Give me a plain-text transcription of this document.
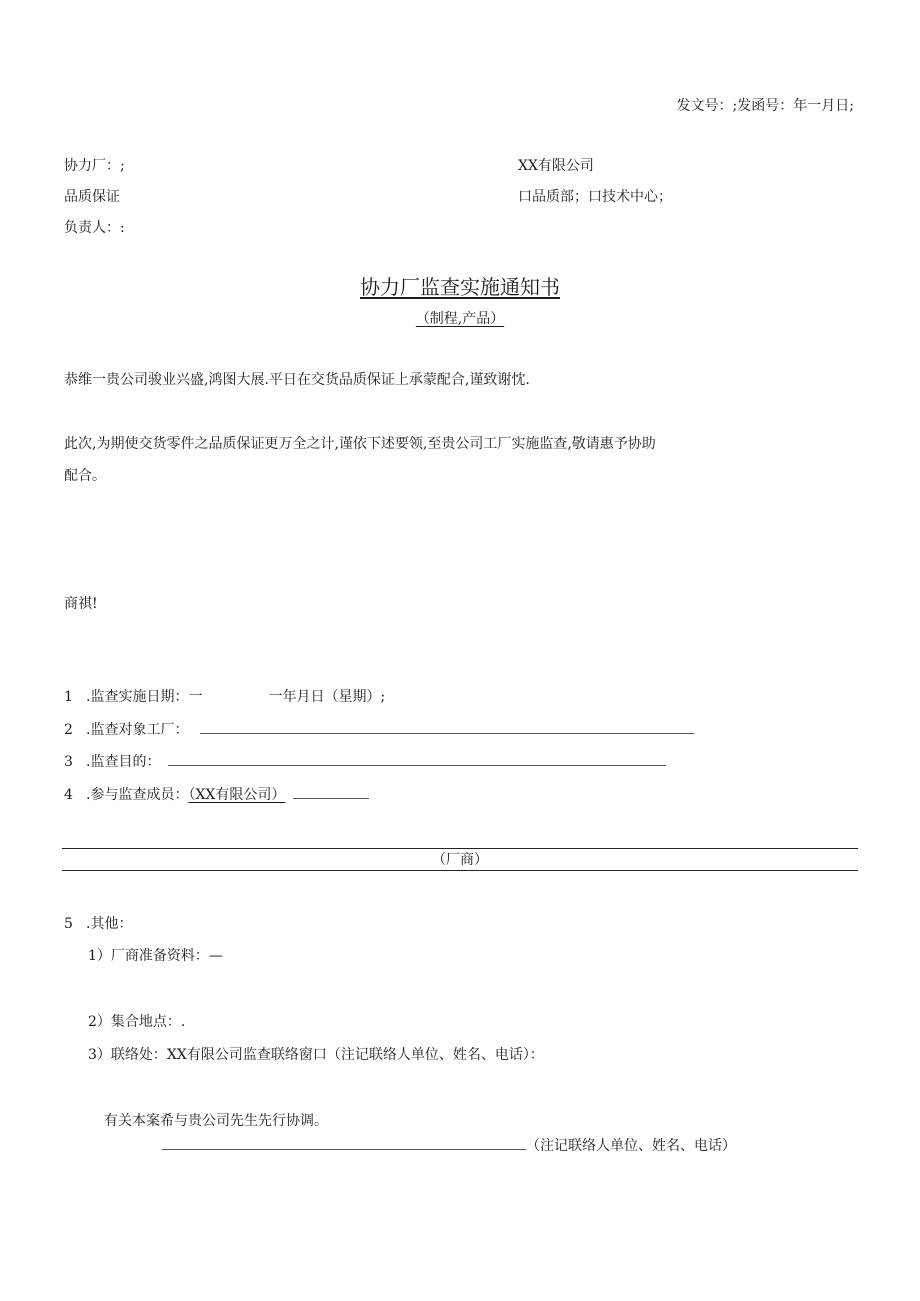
发文号：;发函号：年一月日;
协力厂：;
品质保证
负责人：:
XX有限公司
口品质部；口技术中心；
协力厂监查实施通知书
（制程,产品）
恭维一贵公司骏业兴盛,鸿图大展.平日在交货品质保证上承蒙配合,谨致谢忱.
此次,为期使交货零件之品质保证更万全之计,谨依下述要领,至贵公司工厂实施监查,敬请惠予协助
配合。
商祺!
1 .监查实施日期：一	一年月日（星期）;
2 .监查对象工厂：
3 .监查目的：
4 .参与监查成员：（XX有限公司）
（厂商）
5 .其他：
1）厂商准备资料：—
2）集合地点：.
3）联络处：XX有限公司监查联络窗口（注记联络人单位、姓名、电话）：
有关本案希与贵公司先生先行协调。
（注记联络人单位、姓名、电话）
